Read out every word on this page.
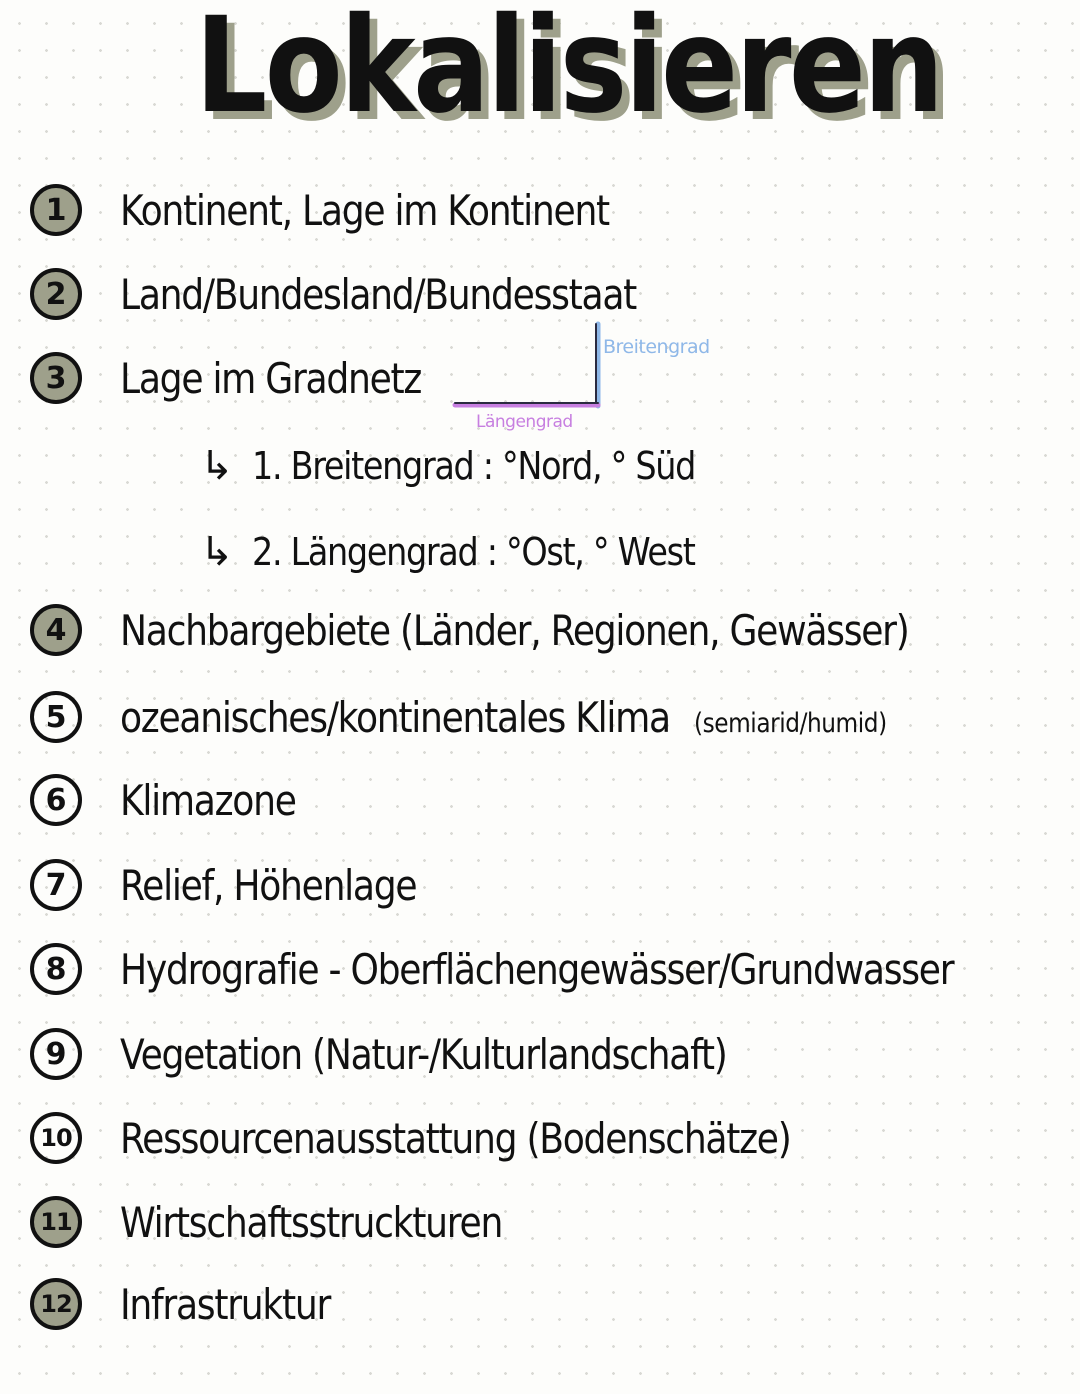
Lokalisieren
1	Kontinent, Lage im Kontinent
2	Land/Bundesland/Bundesstaat
3	Lage im Gradnetz
Breitengrad
Längengrad
↳ 1. Breitengrad : °Nord, ° Süd
↳ 2. Längengrad : °Ost, ° West
4	Nachbargebiete (Länder, Regionen, Gewässer)
5	ozeanisches/kontinentales Klima (semiarid/humid)
6	Klimazone
7	Relief, Höhenlage
8	Hydrografie - Oberflächengewässer/Grundwasser
9	Vegetation (Natur-/Kulturlandschaft)
10 Ressourcenausstattung (Bodenschätze)
11 Wirtschaftsstruckturen
12 Infrastruktur
